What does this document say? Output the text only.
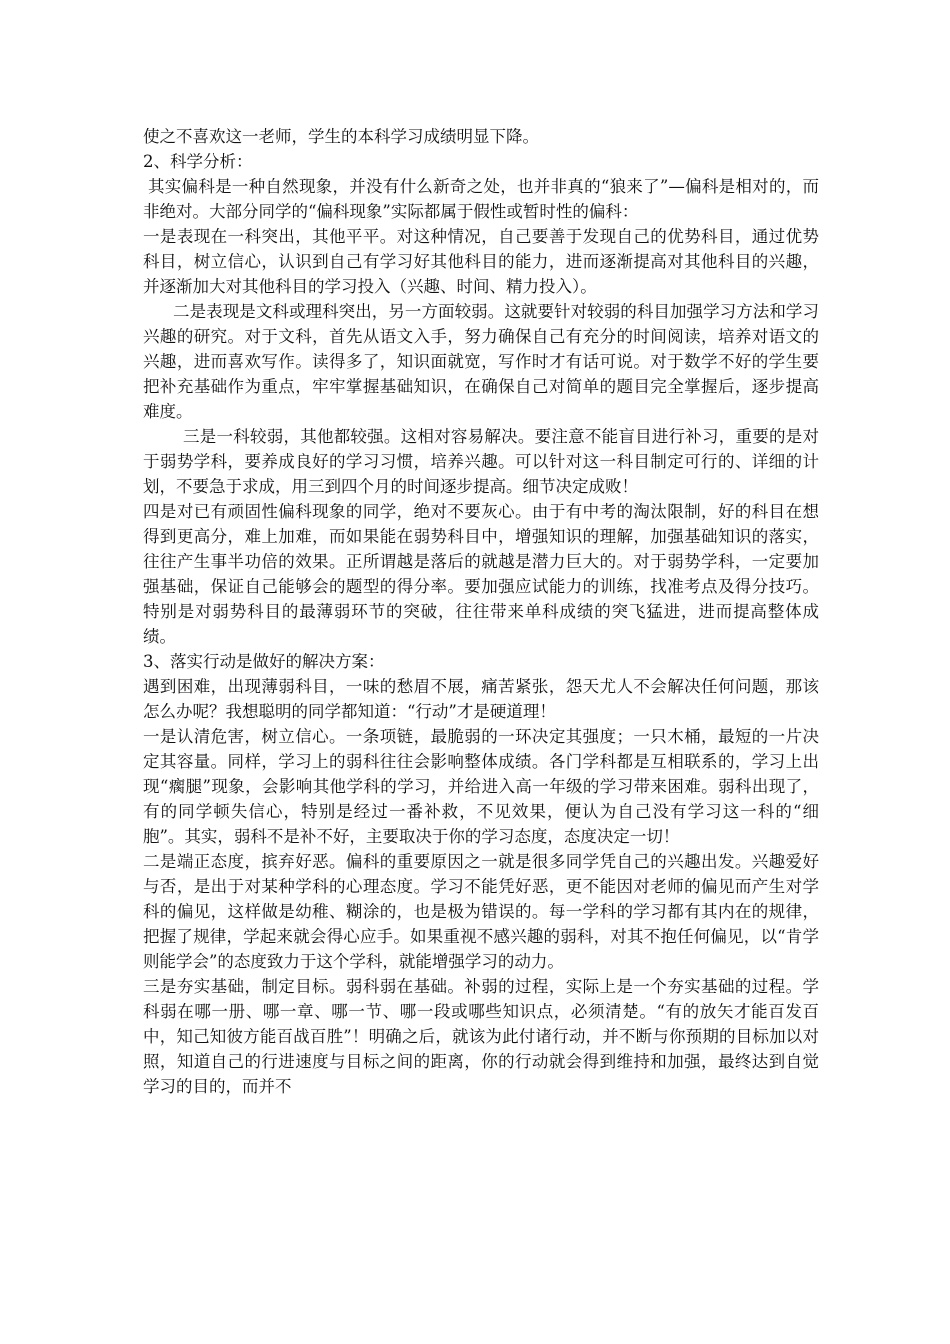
使之不喜欢这一老师，学生的本科学习成绩明显下降。

2、科学分析：

其实偏科是一种自然现象，并没有什么新奇之处，也并非真的“狼来了”—偏科是相对的，而非绝对。大部分同学的“偏科现象”实际都属于假性或暂时性的偏科：

一是表现在一科突出，其他平平。对这种情况，自己要善于发现自己的优势科目，通过优势科目，树立信心，认识到自己有学习好其他科目的能力，进而逐渐提高对其他科目的兴趣，并逐渐加大对其他科目的学习投入（兴趣、时间、精力投入）。

二是表现是文科或理科突出，另一方面较弱。这就要针对较弱的科目加强学习方法和学习兴趣的研究。对于文科，首先从语文入手，努力确保自己有充分的时间阅读，培养对语文的兴趣，进而喜欢写作。读得多了，知识面就宽，写作时才有话可说。对于数学不好的学生要把补充基础作为重点，牢牢掌握基础知识，在确保自己对简单的题目完全掌握后，逐步提高难度。

三是一科较弱，其他都较强。这相对容易解决。要注意不能盲目进行补习，重要的是对于弱势学科，要养成良好的学习习惯，培养兴趣。可以针对这一科目制定可行的、详细的计划，不要急于求成，用三到四个月的时间逐步提高。细节决定成败！

四是对已有顽固性偏科现象的同学，绝对不要灰心。由于有中考的淘汰限制，好的科目在想得到更高分，难上加难，而如果能在弱势科目中，增强知识的理解，加强基础知识的落实，往往产生事半功倍的效果。正所谓越是落后的就越是潜力巨大的。对于弱势学科，一定要加强基础，保证自己能够会的题型的得分率。要加强应试能力的训练，找准考点及得分技巧。特别是对弱势科目的最薄弱环节的突破，往往带来单科成绩的突飞猛进，进而提高整体成绩。

3、落实行动是做好的解决方案：

遇到困难，出现薄弱科目，一味的愁眉不展，痛苦紧张，怨天尤人不会解决任何问题，那该怎么办呢？我想聪明的同学都知道：“行动”才是硬道理！

一是认清危害，树立信心。一条项链，最脆弱的一环决定其强度；一只木桶，最短的一片决定其容量。同样，学习上的弱科往往会影响整体成绩。各门学科都是互相联系的，学习上出现“瘸腿”现象，会影响其他学科的学习，并给进入高一年级的学习带来困难。弱科出现了，有的同学顿失信心，特别是经过一番补救，不见效果，便认为自己没有学习这一科的“细胞”。其实，弱科不是补不好，主要取决于你的学习态度，态度决定一切！

二是端正态度，摈弃好恶。偏科的重要原因之一就是很多同学凭自己的兴趣出发。兴趣爱好与否，是出于对某种学科的心理态度。学习不能凭好恶，更不能因对老师的偏见而产生对学科的偏见，这样做是幼稚、糊涂的，也是极为错误的。每一学科的学习都有其内在的规律，把握了规律，学起来就会得心应手。如果重视不感兴趣的弱科，对其不抱任何偏见，以“肯学则能学会”的态度致力于这个学科，就能增强学习的动力。

三是夯实基础，制定目标。弱科弱在基础。补弱的过程，实际上是一个夯实基础的过程。学科弱在哪一册、哪一章、哪一节、哪一段或哪些知识点，必须清楚。“有的放矢才能百发百中，知己知彼方能百战百胜”！明确之后，就该为此付诸行动，并不断与你预期的目标加以对照，知道自己的行进速度与目标之间的距离，你的行动就会得到维持和加强，最终达到自觉学习的目的，而并不
